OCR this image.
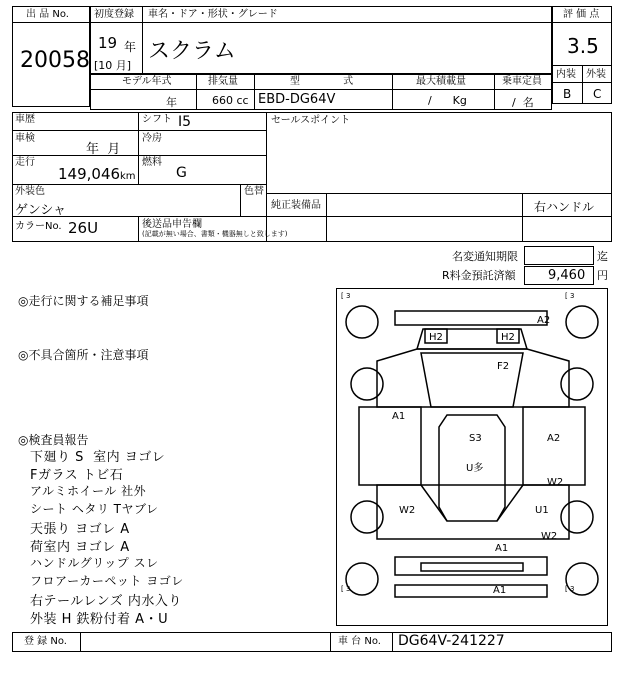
出 品 No.
20058
初度登録 車名・ドア・形状・グレード
19 年
[10 月]
スクラム
評 価 点
3.5
内装 外装
B C
モデル年式	排気量	型 式	最大積載量	乗車定員
年	660 cc EBD-DG64V	/      Kg	/  名
車歴	シフト I5
車検
年  月
冷房
走行
149,046 km
燃料
G
外装色
ゲンシャ
色替
カラーNo. 26U	後送品申告欄
(記載が無い場合、書類・機器無しと致します)
セールスポイント
純正装備品	右ハンドル
名変通知期限	迄
R料金預託済額 9,460 円
◎走行に関する補足事項
◎不具合箇所・注意事項
◎検査員報告
下廻り S  室内 ヨゴレ
Fガラス トビ石
アルミホイール 社外
シート ヘタリ Tヤブレ
天張り ヨゴレ A
荷室内 ヨゴレ A
ハンドルグリップ スレ
フロアーカーペット ヨゴレ
右テールレンズ 内水入り
外装 H 鉄粉付着 A・U
[ 3	[ 3
[ 3	[ 3
A2
H2	H2
F2
A1
S3
U多
A2
W2
W2	U1
W2
A1
A1
登 録 No.	車 台 No. DG64V-241227
